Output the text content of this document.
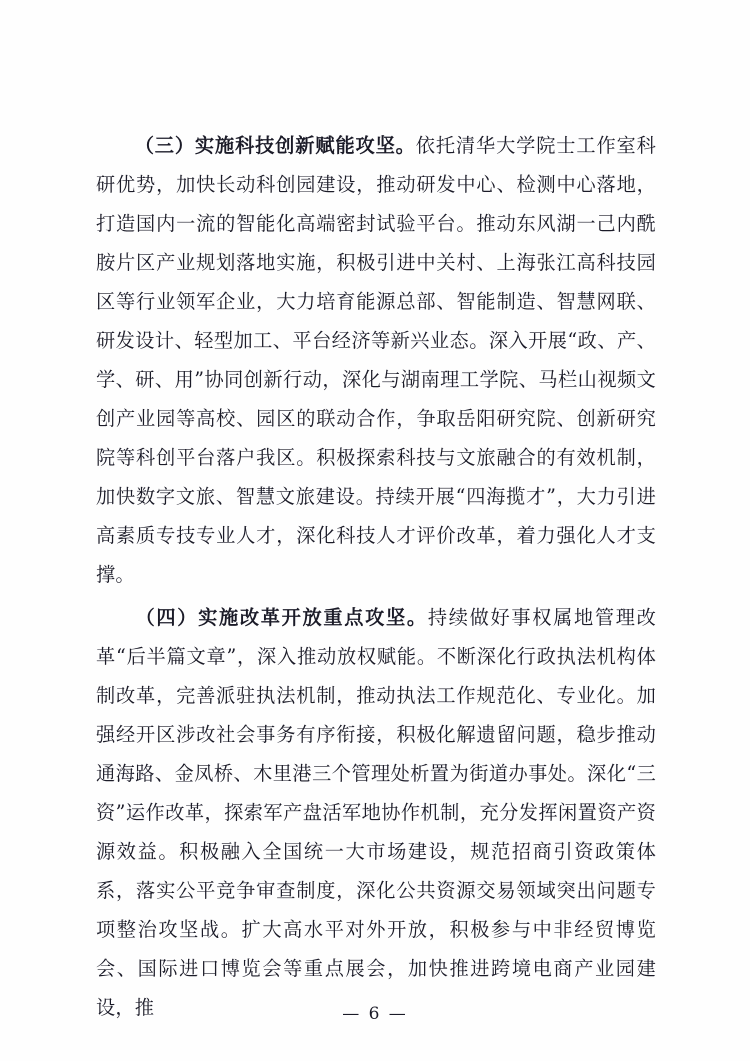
（三）实施科技创新赋能攻坚。依托清华大学院士工作室科研优势，加快长动科创园建设，推动研发中心、检测中心落地，打造国内一流的智能化高端密封试验平台。推动东风湖一己内酰胺片区产业规划落地实施，积极引进中关村、上海张江高科技园区等行业领军企业，大力培育能源总部、智能制造、智慧网联、研发设计、轻型加工、平台经济等新兴业态。深入开展“政、产、学、研、用”协同创新行动，深化与湖南理工学院、马栏山视频文创产业园等高校、园区的联动合作，争取岳阳研究院、创新研究院等科创平台落户我区。积极探索科技与文旅融合的有效机制，加快数字文旅、智慧文旅建设。持续开展“四海揽才”，大力引进高素质专技专业人才，深化科技人才评价改革，着力强化人才支撑。

（四）实施改革开放重点攻坚。持续做好事权属地管理改革“后半篇文章”，深入推动放权赋能。不断深化行政执法机构体制改革，完善派驻执法机制，推动执法工作规范化、专业化。加强经开区涉改社会事务有序衔接，积极化解遗留问题，稳步推动通海路、金凤桥、木里港三个管理处析置为街道办事处。深化“三资”运作改革，探索军产盘活军地协作机制，充分发挥闲置资产资源效益。积极融入全国统一大市场建设，规范招商引资政策体系，落实公平竞争审查制度，深化公共资源交易领域突出问题专项整治攻坚战。扩大高水平对外开放，积极参与中非经贸博览会、国际进口博览会等重点展会，加快推进跨境电商产业园建设，推	— 6 —
